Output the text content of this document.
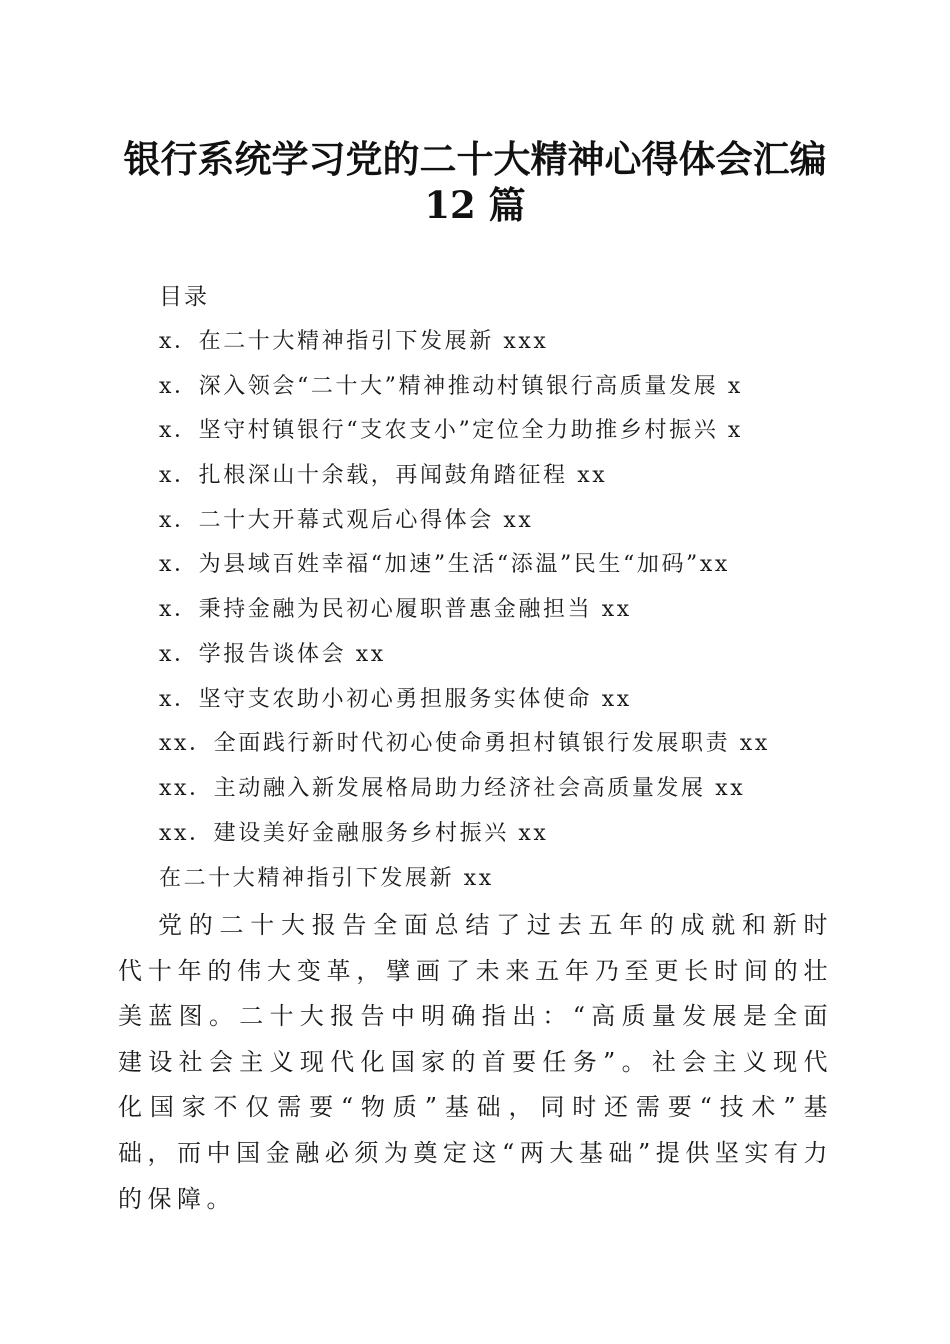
银行系统学习党的二十大精神心得体会汇编
12 篇
目录
x．在二十大精神指引下发展新 xxx
x．深入领会“二十大”精神推动村镇银行高质量发展 x
x．坚守村镇银行“支农支小”定位全力助推乡村振兴 x
x．扎根深山十余载，再闻鼓角踏征程 xx
x．二十大开幕式观后心得体会 xx
x．为县域百姓幸福“加速”生活“添温”民生“加码”xx
x．秉持金融为民初心履职普惠金融担当 xx
x．学报告谈体会 xx
x．坚守支农助小初心勇担服务实体使命 xx
xx．全面践行新时代初心使命勇担村镇银行发展职责 xx
xx．主动融入新发展格局助力经济社会高质量发展 xx
xx．建设美好金融服务乡村振兴 xx
在二十大精神指引下发展新 xx

党的二十大报告全面总结了过去五年的成就和新时代十年的伟大变革，擘画了未来五年乃至更长时间的壮美蓝图。二十大报告中明确指出：“高质量发展是全面建设社会主义现代化国家的首要任务”。社会主义现代化国家不仅需要“物质”基础，同时还需要“技术”基础，而中国金融必须为奠定这“两大基础”提供坚实有力的保障。
